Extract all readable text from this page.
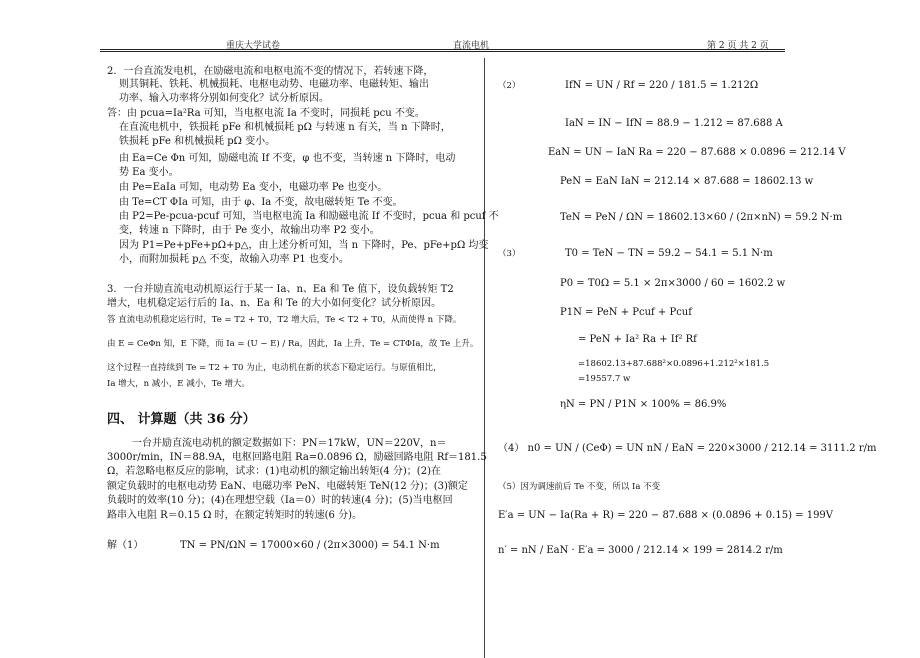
重庆大学试卷	直流电机	第 2 页 共 2 页
2．一台直流发电机，在励磁电流和电枢电流不变的情况下，若转速下降，
则其铜耗、铁耗、机械损耗、电枢电动势、电磁功率、电磁转矩、输出
功率、输入功率将分别如何变化？试分析原因。
答：由 pcua=Ia²Ra 可知，当电枢电流 Ia 不变时，同损耗 pcu 不变。
在直流电机中，铁损耗 pFe 和机械损耗 pΩ 与转速 n 有关，当 n 下降时，
铁损耗 pFe 和机械损耗 pΩ 变小。
由 Ea=Ce Φn 可知，励磁电流 If 不变，φ 也不变，当转速 n 下降时，电动
势 Ea 变小。
由 Pe=EaIa 可知，电动势 Ea 变小，电磁功率 Pe 也变小。
由 Te=CT ΦIa 可知，由于 φ、Ia 不变，故电磁转矩 Te 不变。
由 P2=Pe-pcua-pcuf 可知，当电枢电流 Ia 和励磁电流 If 不变时，pcua 和 pcuf 不
变，转速 n 下降时，由于 Pe 变小，故输出功率 P2 变小。
因为 P1=Pe+pFe+pΩ+p△，由上述分析可知，当 n 下降时，Pe、pFe+pΩ 均变
小，而附加损耗 p△ 不变，故输入功率 P1 也变小。
3．一台并励直流电动机原运行于某一 Ia、n、Ea 和 Te 值下，设负载转矩 T2
增大，电机稳定运行后的 Ia、n、Ea 和 Te 的大小如何变化？试分析原因。
答 直流电动机稳定运行时，Te = T2 + T0，T2 增大后，Te < T2 + T0，从而使得 n 下降。
由 E = CeΦn 知，E 下降，而 Ia = (U − E) / Ra，因此，Ia 上升，Te = CTΦIa，故 Te 上升。
这个过程一直持续到 Te = T2 + T0 为止，电动机在新的状态下稳定运行。与原值相比，
Ia 增大，n 减小，E 减小，Te 增大。
四、 计算题（共 36 分）
一台并励直流电动机的额定数据如下：PN＝17kW，UN＝220V，n＝
3000r/min，IN＝88.9A，电枢回路电阻 Ra=0.0896 Ω，励磁回路电阻 Rf＝181.5
Ω，若忽略电枢反应的影响，试求：(1)电动机的额定输出转矩(4 分)；(2)在
额定负载时的电枢电动势 EaN、电磁功率 PeN、电磁转矩 TeN(12 分)；(3)额定
负载时的效率(10 分)；(4)在理想空载（Ia＝0）时的转速(4 分)；(5)当电枢回
路串入电阻 R＝0.15 Ω 时，在额定转矩时的转速(6 分)。
解（1）	TN = PN/ΩN = 17000×60 / (2π×3000) = 54.1 N·m
（2）	IfN = UN / Rf = 220 / 181.5 = 1.212Ω
IaN = IN − IfN = 88.9 − 1.212 = 87.688 A
EaN = UN − IaN Ra = 220 − 87.688 × 0.0896 = 212.14 V
PeN = EaN IaN = 212.14 × 87.688 = 18602.13 w
TeN = PeN / ΩN = 18602.13×60 / (2π×nN) = 59.2 N·m
（3）	T0 = TeN − TN = 59.2 − 54.1 = 5.1 N·m
P0 = T0Ω = 5.1 × 2π×3000 / 60 = 1602.2 w
P1N = PeN + Pcuf + Pcuf
= PeN + Ia² Ra + If² Rf
=18602.13+87.688²×0.0896+1.212²×181.5
=19557.7 w
ηN = PN / P1N × 100% = 86.9%
（4） n0 = UN / (CeΦ) = UN nN / EaN = 220×3000 / 212.14 = 3111.2 r/m
（5）因为调速前后 Te 不变，所以 Ia 不变
E′a = UN − Ia(Ra + R) = 220 − 87.688 × (0.0896 + 0.15) = 199V
n′ = nN / EaN · E′a = 3000 / 212.14 × 199 = 2814.2 r/m
